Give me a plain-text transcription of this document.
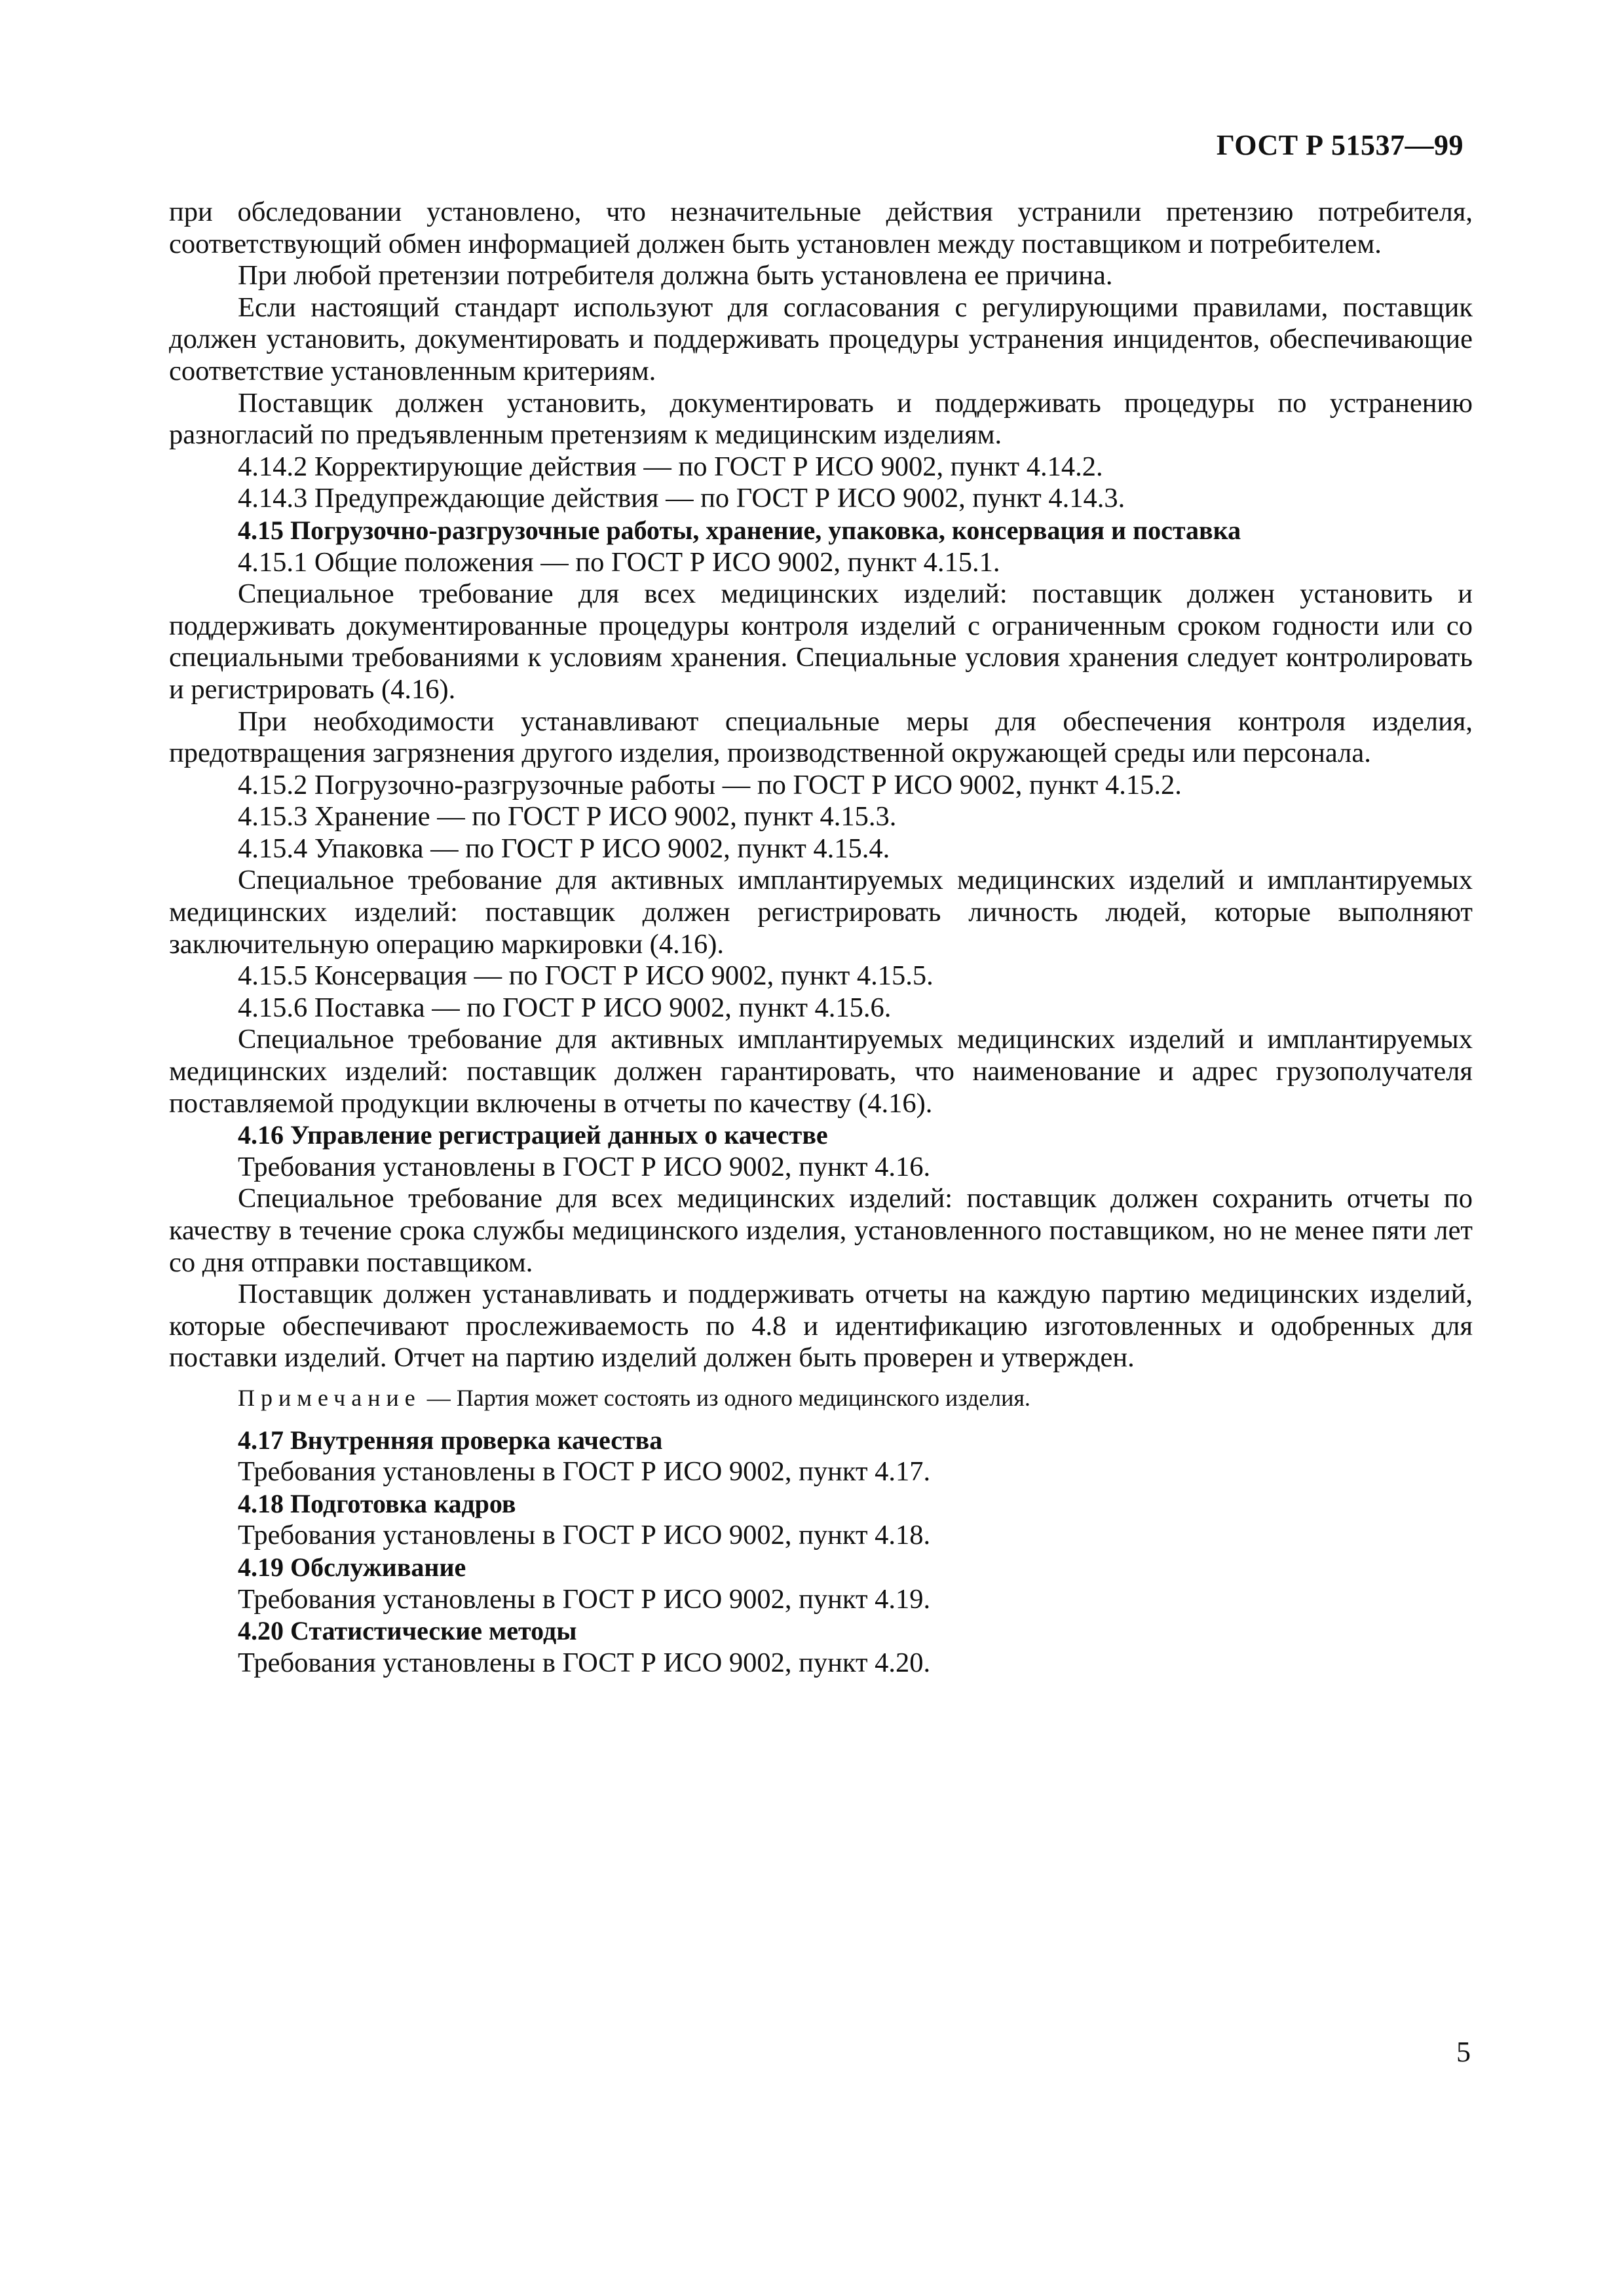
ГОСТ Р 51537—99

при обследовании установлено, что незначительные действия устранили претензию потребителя, соответствующий обмен информацией должен быть установлен между поставщиком и потребителем.

При любой претензии потребителя должна быть установлена ее причина.

Если настоящий стандарт используют для согласования с регулирующими правилами, поставщик должен установить, документировать и поддерживать процедуры устранения инцидентов, обеспечивающие соответствие установленным критериям.

Поставщик должен установить, документировать и поддерживать процедуры по устранению разногласий по предъявленным претензиям к медицинским изделиям.

4.14.2 Корректирующие действия — по ГОСТ Р ИСО 9002, пункт 4.14.2.

4.14.3 Предупреждающие действия — по ГОСТ Р ИСО 9002, пункт 4.14.3.

4.15 Погрузочно-разгрузочные работы, хранение, упаковка, консервация и поставка

4.15.1 Общие положения — по ГОСТ Р ИСО 9002, пункт 4.15.1.

Специальное требование для всех медицинских изделий: поставщик должен установить и поддерживать документированные процедуры контроля изделий с ограниченным сроком годности или со специальными требованиями к условиям хранения. Специальные условия хранения следует контролировать и регистрировать (4.16).

При необходимости устанавливают специальные меры для обеспечения контроля изделия, предотвращения загрязнения другого изделия, производственной окружающей среды или персонала.

4.15.2 Погрузочно-разгрузочные работы — по ГОСТ Р ИСО 9002, пункт 4.15.2.

4.15.3 Хранение — по ГОСТ Р ИСО 9002, пункт 4.15.3.

4.15.4 Упаковка — по ГОСТ Р ИСО 9002, пункт 4.15.4.

Специальное требование для активных имплантируемых медицинских изделий и имплантируемых медицинских изделий: поставщик должен регистрировать личность людей, которые выполняют заключительную операцию маркировки (4.16).

4.15.5 Консервация — по ГОСТ Р ИСО 9002, пункт 4.15.5.

4.15.6 Поставка — по ГОСТ Р ИСО 9002, пункт 4.15.6.

Специальное требование для активных имплантируемых медицинских изделий и имплантируемых медицинских изделий: поставщик должен гарантировать, что наименование и адрес грузополучателя поставляемой продукции включены в отчеты по качеству (4.16).

4.16 Управление регистрацией данных о качестве

Требования установлены в ГОСТ Р ИСО 9002, пункт 4.16.

Специальное требование для всех медицинских изделий: поставщик должен сохранить отчеты по качеству в течение срока службы медицинского изделия, установленного поставщиком, но не менее пяти лет со дня отправки поставщиком.

Поставщик должен устанавливать и поддерживать отчеты на каждую партию медицинских изделий, которые обеспечивают прослеживаемость по 4.8 и идентификацию изготовленных и одобренных для поставки изделий. Отчет на партию изделий должен быть проверен и утвержден.

Примечание — Партия может состоять из одного медицинского изделия.

4.17 Внутренняя проверка качества

Требования установлены в ГОСТ Р ИСО 9002, пункт 4.17.

4.18 Подготовка кадров

Требования установлены в ГОСТ Р ИСО 9002, пункт 4.18.

4.19 Обслуживание

Требования установлены в ГОСТ Р ИСО 9002, пункт 4.19.

4.20 Статистические методы

Требования установлены в ГОСТ Р ИСО 9002, пункт 4.20.

5
